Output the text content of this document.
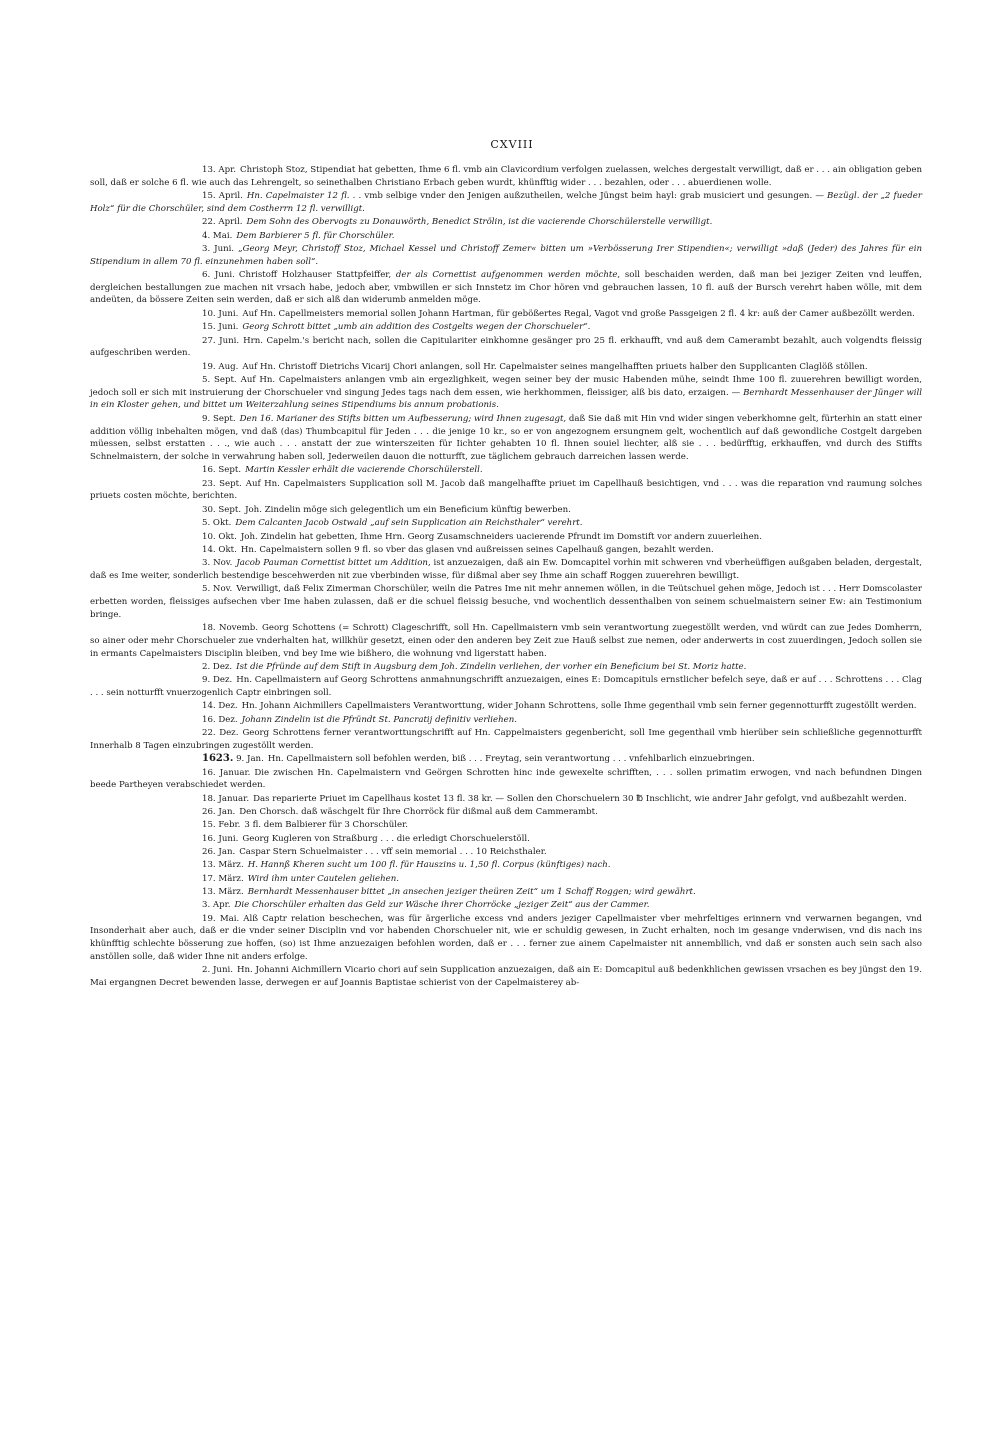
CXVIII

13. Apr. Christoph Stoz, Stipendiat hat gebetten, Ihme 6 fl. vmb ain Clavicordium verfolgen zuelassen, welches dergestalt verwilligt, daß er . . . ain obligation geben soll, daß er solche 6 fl. wie auch das Lehrengelt, so seinethalben Christiano Erbach geben wurdt, khünfftig wider . . . bezahlen, oder . . . abuerdienen wolle.

15. April. Hn. Capelmaister 12 fl. . . vmb selbige vnder den Jenigen außzutheilen, welche Jüngst beim hayl: grab musiciert und gesungen. — Bezügl. der „2 fueder Holz“ für die Chorschüler, sind dem Costherrn 12 fl. verwilligt.

22. April. Dem Sohn des Obervogts zu Donauwörth, Benedict Strölin, ist die vacierende Chorschülerstelle verwilligt.

4. Mai. Dem Barbierer 5 fl. für Chorschüler.

3. Juni. „Georg Meyr, Christoff Stoz, Michael Kessel und Christoff Zemer« bitten um »Verbösserung Irer Stipendien«; verwilligt »daß (Jeder) des Jahres für ein Stipendium in allem 70 fl. einzunehmen haben soll“.

6. Juni. Christoff Holzhauser Stattpfeiffer, der als Cornettist aufgenommen werden möchte, soll beschaiden werden, daß man bei jeziger Zeiten vnd leuffen, dergleichen bestallungen zue machen nit vrsach habe, jedoch aber, vmbwillen er sich Innstetz im Chor hören vnd gebrauchen lassen, 10 fl. auß der Bursch verehrt haben wölle, mit dem andeüten, da bössere Zeiten sein werden, daß er sich alß dan widerumb anmelden möge.

10. Juni. Auf Hn. Capellmeisters memorial sollen Johann Hartman, für gebößertes Regal, Vagot vnd große Passgeigen 2 fl. 4 kr: auß der Camer außbezöllt werden.

15. Juni. Georg Schrott bittet „umb ain addition des Costgelts wegen der Chorschueler“.

27. Juni. Hrn. Capelm.'s bericht nach, sollen die Capitulariter einkhomne gesänger pro 25 fl. erkhaufft, vnd auß dem Camerambt bezahlt, auch volgendts fleissig aufgeschriben werden.

19. Aug. Auf Hn. Christoff Dietrichs Vicarij Chori anlangen, soll Hr. Capelmaister seines mangelhafften priuets halber den Supplicanten Claglöß stöllen.

5. Sept. Auf Hn. Capelmaisters anlangen vmb ain ergezlighkeit, wegen seiner bey der music Habenden mühe, seindt Ihme 100 fl. zuuerehren bewilligt worden, jedoch soll er sich mit instruierung der Chorschueler vnd singung Jedes tags nach dem essen, wie herkhommen, fleissiger, alß bis dato, erzaigen. — Bernhardt Messenhauser der Jünger will in ein Kloster gehen, und bittet um Weiterzahlung seines Stipendiums bis annum probationis.

9. Sept. Den 16. Marianer des Stifts bitten um Aufbesserung; wird Ihnen zugesagt, daß Sie daß mit Hin vnd wider singen veberkhomne gelt, fürterhin an statt einer addition völlig inbehalten mögen, vnd daß (das) Thumbcapitul für Jeden . . . die jenige 10 kr., so er von angezognem ersungnem gelt, wochentlich auf daß gewondliche Costgelt dargeben müessen, selbst erstatten . . ., wie auch . . . anstatt der zue winterszeiten für Iichter gehabten 10 fl. Ihnen souiel liechter, alß sie . . . bedürfftig, erkhauffen, vnd durch des Stiffts Schnelmaistern, der solche in verwahrung haben soll, Jederweilen dauon die notturfft, zue täglichem gebrauch darreichen lassen werde.

16. Sept. Martin Kessler erhält die vacierende Chorschülerstell.

23. Sept. Auf Hn. Capelmaisters Supplication soll M. Jacob daß mangelhaffte priuet im Capellhauß besichtigen, vnd . . . was die reparation vnd raumung solches priuets costen möchte, berichten.

30. Sept. Joh. Zindelin möge sich gelegentlich um ein Beneficium künftig bewerben.

5. Okt. Dem Calcanten Jacob Ostwald „auf sein Supplication ain Reichsthaler“ verehrt.

10. Okt. Joh. Zindelin hat gebetten, Ihme Hrn. Georg Zusamschneiders uacierende Pfrundt im Domstift vor andern zuuerleihen.

14. Okt. Hn. Capelmaistern sollen 9 fl. so vber das glasen vnd außreissen seines Capelhauß gangen, bezahlt werden.

3. Nov. Jacob Pauman Cornettist bittet um Addition, ist anzuezaigen, daß ain Ew. Domcapitel vorhin mit schweren vnd vberheüffigen außgaben beladen, dergestalt, daß es Ime weiter, sonderlich bestendige bescehwerden nit zue vberbinden wisse, für dißmal aber sey Ihme ain schaff Roggen zuuerehren bewilligt.

5. Nov. Verwilligt, daß Felix Zimerman Chorschüler, weiln die Patres Ime nit mehr annemen wöllen, in die Teütschuel gehen möge, Jedoch ist . . . Herr Domscolaster erbetten worden, fleissiges aufsechen vber Ime haben zulassen, daß er die schuel fleissig besuche, vnd wochentlich dessenthalben von seinem schuelmaistern seiner Ew: ain Testimonium bringe.

18. Novemb. Georg Schottens (= Schrott) Clageschrifft, soll Hn. Capellmaistern vmb sein verantwortung zuegestöllt werden, vnd würdt can zue Jedes Domherrn, so ainer oder mehr Chorschueler zue vnderhalten hat, willkhür gesetzt, einen oder den anderen bey Zeit zue Hauß selbst zue nemen, oder anderwerts in cost zuuerdingen, Jedoch sollen sie in ermants Capelmaisters Disciplin bleiben, vnd bey Ime wie bißhero, die wohnung vnd ligerstatt haben.

2. Dez. Ist die Pfründe auf dem Stift in Augsburg dem Joh. Zindelin verliehen, der vorher ein Beneficium bei St. Moriz hatte.

9. Dez. Hn. Capellmaistern auf Georg Schrottens anmahnungschrifft anzuezaigen, eines E: Domcapituls ernstlicher befelch seye, daß er auf . . . Schrottens . . . Clag . . . sein notturfft vnuerzogenlich Captr einbringen soll.

14. Dez. Hn. Johann Aichmillers Capellmaisters Verantworttung, wider Johann Schrottens, solle Ihme gegenthail vmb sein ferner gegennotturfft zugestöllt werden.

16. Dez. Johann Zindelin ist die Pfründt St. Pancratij definitiv verliehen.

22. Dez. Georg Schrottens ferner verantworttungschrifft auf Hn. Cappelmaisters gegenbericht, soll Ime gegenthail vmb hierüber sein schließliche gegennotturfft Innerhalb 8 Tagen einzubringen zugestöllt werden.

1623. 9. Jan. Hn. Capellmaistern soll befohlen werden, biß . . . Freytag, sein verantwortung . . . vnfehlbarlich einzuebringen.

16. Januar. Die zwischen Hn. Capelmaistern vnd Geörgen Schrotten hinc inde gewexelte schrifften, . . . sollen primatim erwogen, vnd nach befundnen Dingen beede Partheyen verabschiedet werden.

18. Januar. Das reparierte Priuet im Capellhaus kostet 13 fl. 38 kr. — Sollen den Chorschuelern 30 ℔ Inschlicht, wie andrer Jahr gefolgt, vnd außbezahlt werden.

26. Jan. Den Chorsch. daß wäschgelt für Ihre Chorröck für dißmal auß dem Cammerambt.

15. Febr. 3 fl. dem Balbierer für 3 Chorschüler.

16. Juni. Georg Kugleren von Straßburg . . . die erledigt Chorschuelerstöll.

26. Jan. Caspar Stern Schuelmaister . . . vff sein memorial . . . 10 Reichsthaler.

13. März. H. Hannß Kheren sucht um 100 fl. für Hauszins u. 1,50 fl. Corpus (künftiges) nach.

17. März. Wird ihm unter Cautelen geliehen.

13. März. Bernhardt Messenhauser bittet „in ansechen jeziger theüren Zeit“ um 1 Schaff Roggen; wird gewährt.

3. Apr. Die Chorschüler erhalten das Geld zur Wäsche ihrer Chorröcke „jeziger Zeit“ aus der Cammer.

19. Mai. Alß Captr relation beschechen, was für ärgerliche excess vnd anders jeziger Capellmaister vber mehrfeltiges erinnern vnd verwarnen begangen, vnd Insonderhait aber auch, daß er die vnder seiner Disciplin vnd vor habenden Chorschueler nit, wie er schuldig gewesen, in Zucht erhalten, noch im gesange vnderwisen, vnd dis nach ins khünfftig schlechte bösserung zue hoffen, (so) ist Ihme anzuezaigen befohlen worden, daß er . . . ferner zue ainem Capelmaister nit annembllich, vnd daß er sonsten auch sein sach also anstöllen solle, daß wider Ihne nit anders erfolge.

2. Juni. Hn. Johanni Aichmillern Vicario chori auf sein Supplication anzuezaigen, daß ain E: Domcapitul auß bedenkhlichen gewissen vrsachen es bey jüngst den 19. Mai ergangnen Decret bewenden lasse, derwegen er auf Joannis Baptistae schierist von der Capelmaisterey ab-
